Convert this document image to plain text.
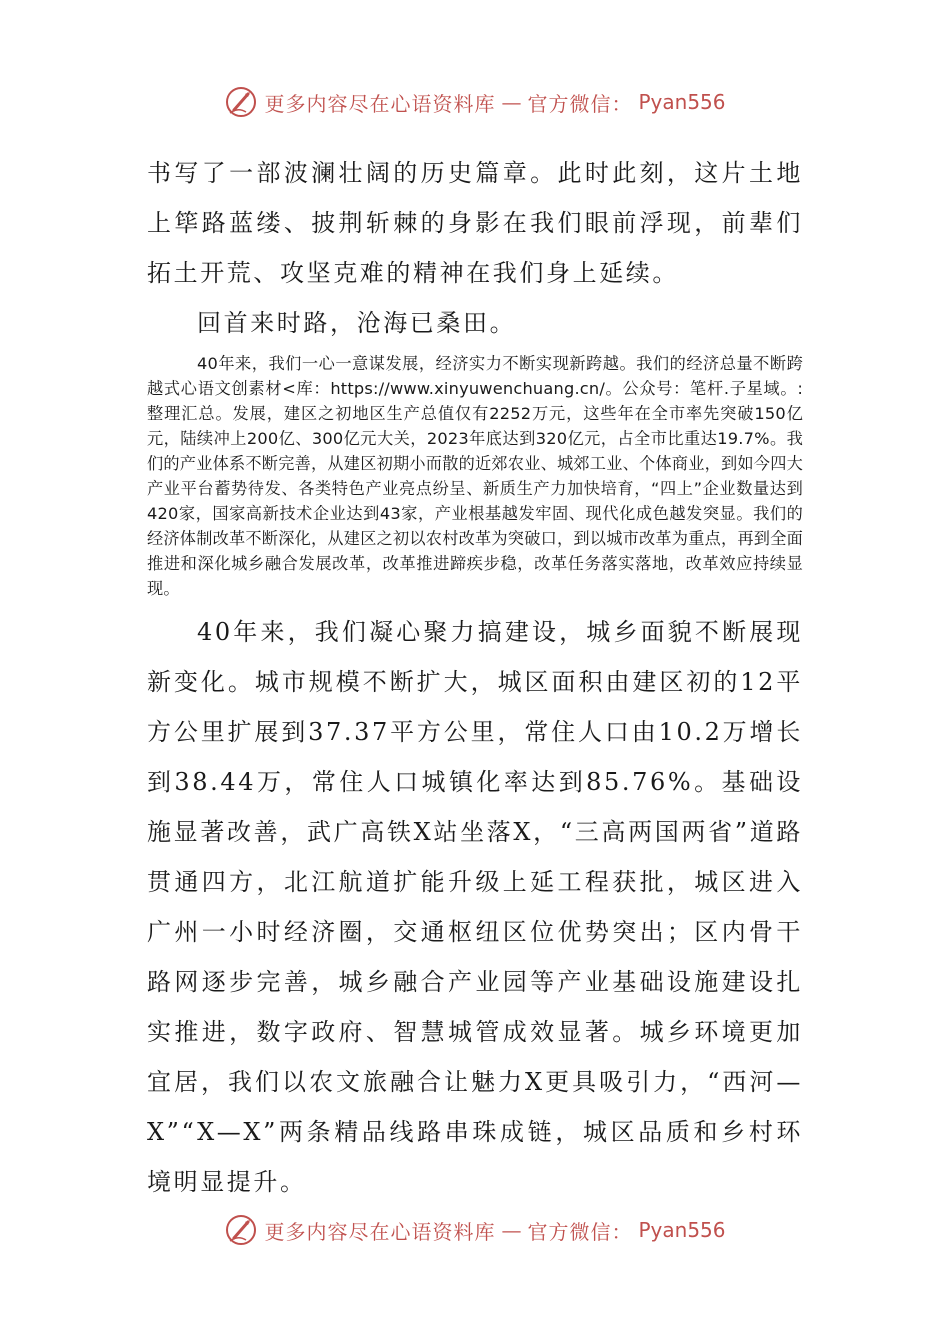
更多内容尽在心语资料库 — 官方微信： Pyan556

书写了一部波澜壮阔的历史篇章。此时此刻，这片土地上筚路蓝缕、披荆斩棘的身影在我们眼前浮现，前辈们拓土开荒、攻坚克难的精神在我们身上延续。

回首来时路，沧海已桑田。

40年来，我们一心一意谋发展，经济实力不断实现新跨越。我们的经济总量不断跨越式心语文创素材<库：https://www.xinyuwenchuang.cn/。公众号：笔杆.子星域。:整理汇总。发展，建区之初地区生产总值仅有2252万元，这些年在全市率先突破150亿元，陆续冲上200亿、300亿元大关，2023年底达到320亿元，占全市比重达19.7%。我们的产业体系不断完善，从建区初期小而散的近郊农业、城郊工业、个体商业，到如今四大产业平台蓄势待发、各类特色产业亮点纷呈、新质生产力加快培育，“四上”企业数量达到420家，国家高新技术企业达到43家，产业根基越发牢固、现代化成色越发突显。我们的经济体制改革不断深化，从建区之初以农村改革为突破口，到以城市改革为重点，再到全面推进和深化城乡融合发展改革，改革推进蹄疾步稳，改革任务落实落地，改革效应持续显现。

40年来，我们凝心聚力搞建设，城乡面貌不断展现新变化。城市规模不断扩大，城区面积由建区初的12平方公里扩展到37.37平方公里，常住人口由10.2万增长到38.44万，常住人口城镇化率达到85.76%。基础设施显著改善，武广高铁X站坐落X，“三高两国两省”道路贯通四方，北江航道扩能升级上延工程获批，城区进入广州一小时经济圈，交通枢纽区位优势突出；区内骨干路网逐步完善，城乡融合产业园等产业基础设施建设扎实推进，数字政府、智慧城管成效显著。城乡环境更加宜居，我们以农文旅融合让魅力X更具吸引力，“西河—X”“X—X”两条精品线路串珠成链，城区品质和乡村环境明显提升。

更多内容尽在心语资料库 — 官方微信： Pyan556
